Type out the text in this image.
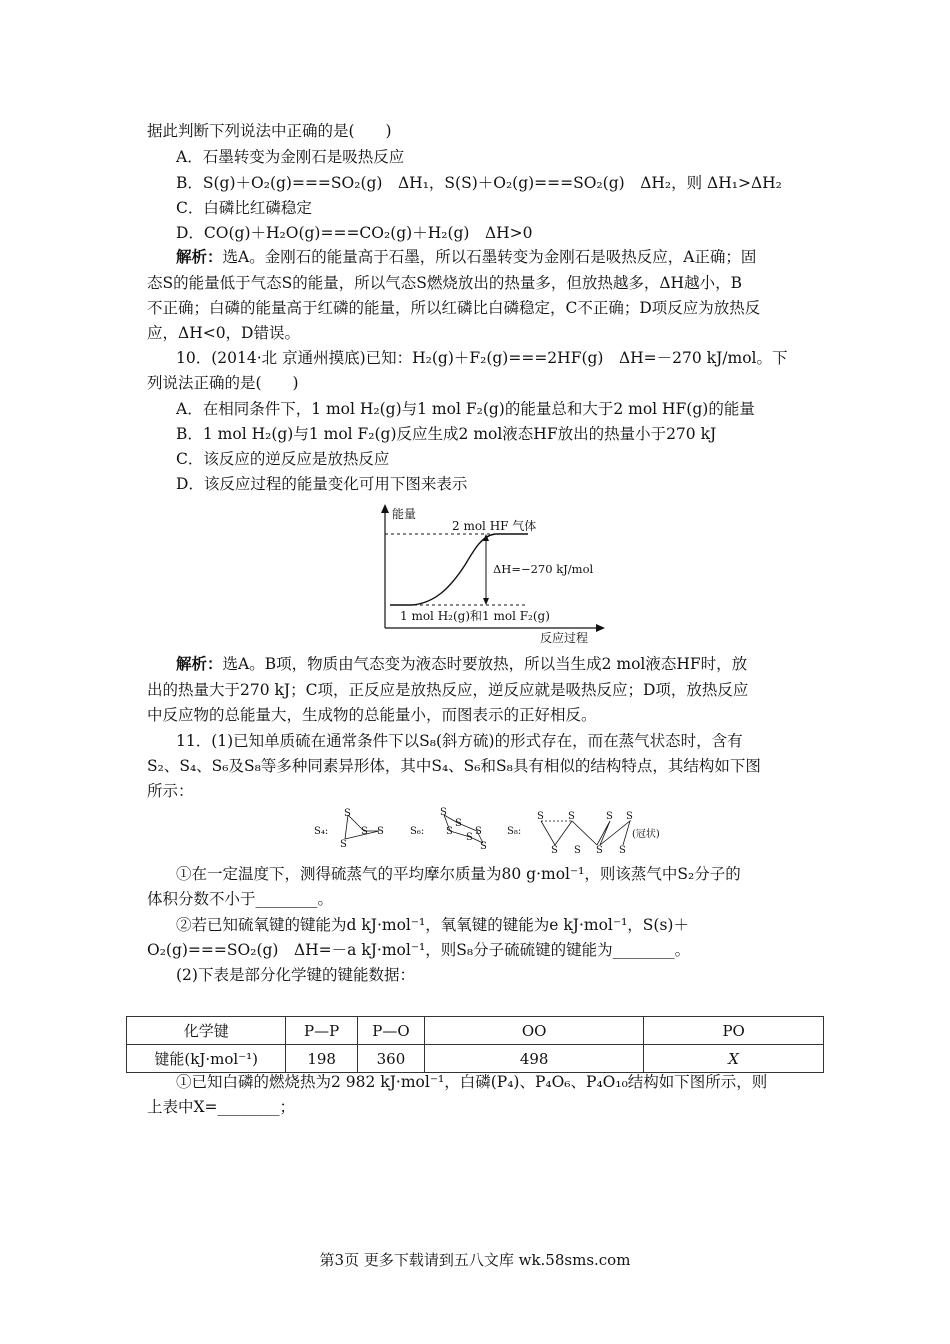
据此判断下列说法中正确的是(　　)
A．石墨转变为金刚石是吸热反应
B．S(g)＋O₂(g)===SO₂(g)　ΔH₁，S(S)＋O₂(g)===SO₂(g)　ΔH₂，则 ΔH₁>ΔH₂
C．白磷比红磷稳定
D．CO(g)＋H₂O(g)===CO₂(g)＋H₂(g)　ΔH>0
解析：选A。金刚石的能量高于石墨，所以石墨转变为金刚石是吸热反应，A正确；固
态S的能量低于气态S的能量，所以气态S燃烧放出的热量多，但放热越多，ΔH越小，B
不正确；白磷的能量高于红磷的能量，所以红磷比白磷稳定，C不正确；D项反应为放热反
应，ΔH<0，D错误。
10．(2014·北 京通州摸底)已知：H₂(g)＋F₂(g)===2HF(g)　ΔH=－270 kJ/mol。下
列说法正确的是(　　)
A．在相同条件下，1 mol H₂(g)与1 mol F₂(g)的能量总和大于2 mol HF(g)的能量
B．1 mol H₂(g)与1 mol F₂(g)反应生成2 mol液态HF放出的热量小于270 kJ
C．该反应的逆反应是放热反应
D．该反应过程的能量变化可用下图来表示
能量
2 mol HF 气体
ΔH=−270 kJ/mol
1 mol H₂(g)和1 mol F₂(g)
反应过程
解析：选A。B项，物质由气态变为液态时要放热，所以当生成2 mol液态HF时，放
出的热量大于270 kJ；C项，正反应是放热反应，逆反应就是吸热反应；D项，放热反应
中反应物的总能量大，生成物的总能量小，而图表示的正好相反。
11．(1)已知单质硫在通常条件下以S₈(斜方硫)的形式存在，而在蒸气状态时，含有
S₂、S₄、S₆及S₈等多种同素异形体，其中S₄、S₆和S₈具有相似的结构特点，其结构如下图
所示：
S₄:
S
S S
S
S₆:
S
S
S S
S
S
S₈:
S S	S S
S S S S
(冠状)
①在一定温度下，测得硫蒸气的平均摩尔质量为80 g·mol⁻¹，则该蒸气中S₂分子的
体积分数不小于________。
②若已知硫氧键的键能为d kJ·mol⁻¹，氧氧键的键能为e kJ·mol⁻¹，S(s)＋
O₂(g)===SO₂(g)　ΔH=－a kJ·mol⁻¹，则S₈分子硫硫键的键能为________。
(2)下表是部分化学键的键能数据：
化学键	P—P	P—O	OO	PO
键能(kJ·mol⁻¹)	198	360	498	X
①已知白磷的燃烧热为2 982 kJ·mol⁻¹，白磷(P₄)、P₄O₆、P₄O₁₀结构如下图所示，则
上表中X=________；
第3页 更多下载请到五八文库 wk.58sms.com
